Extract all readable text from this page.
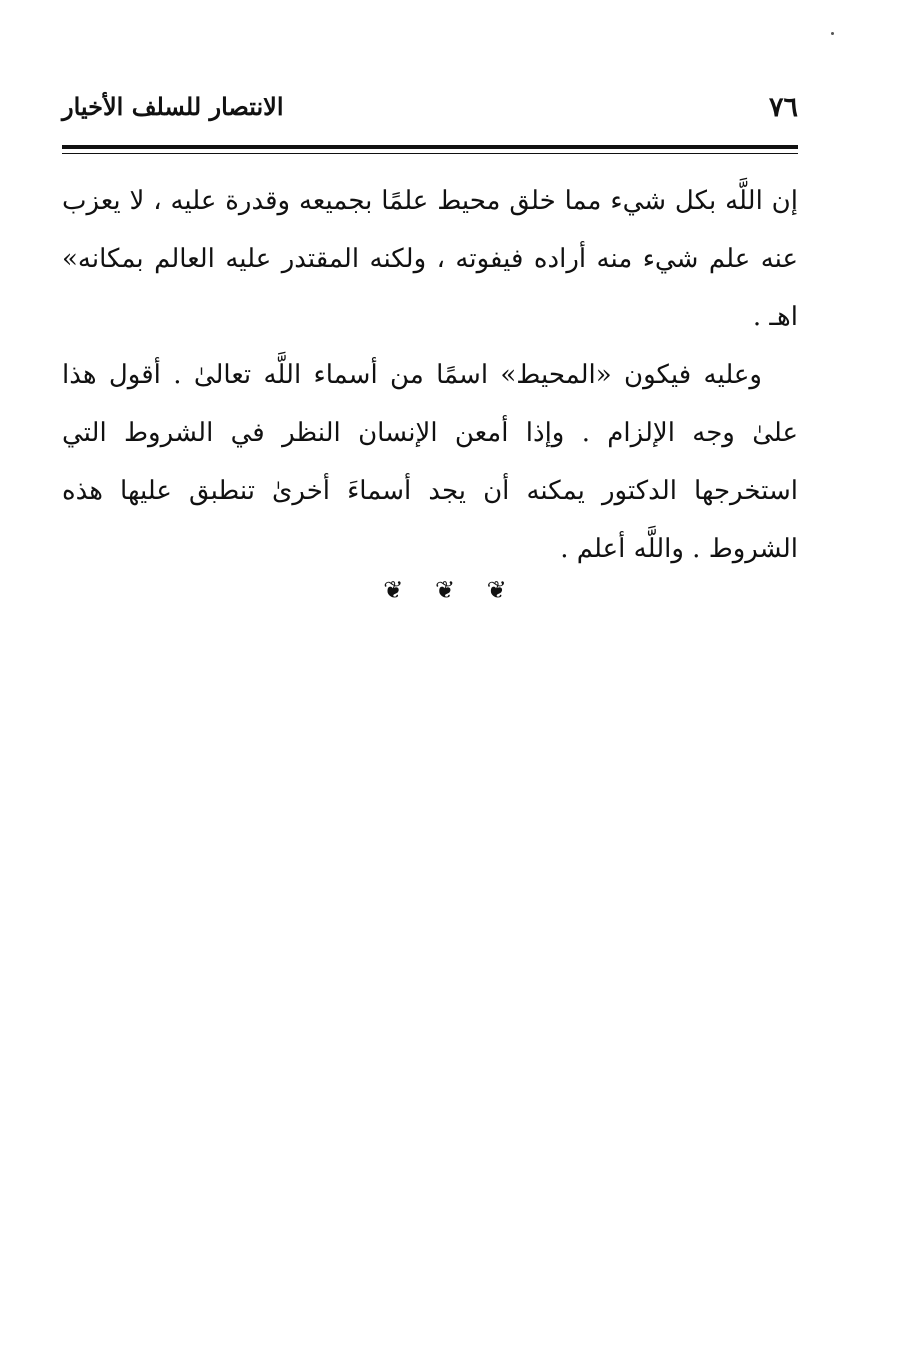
٧٦
الانتصار للسلف الأخيار

إن اللَّه بكل شيء مما خلق محيط علمًا بجميعه وقدرة عليه ، لا يعزب عنه علم شيء منه أراده فيفوته ، ولكنه المقتدر عليه العالم بمكانه» اهـ .

وعليه فيكون «المحيط» اسمًا من أسماء اللَّه تعالىٰ . أقول هذا علىٰ وجه الإلزام . وإذا أمعن الإنسان النظر في الشروط التي استخرجها الدكتور يمكنه أن يجد أسماءَ أخرىٰ تنطبق عليها هذه الشروط . واللَّه أعلم .

❦ ❦ ❦
